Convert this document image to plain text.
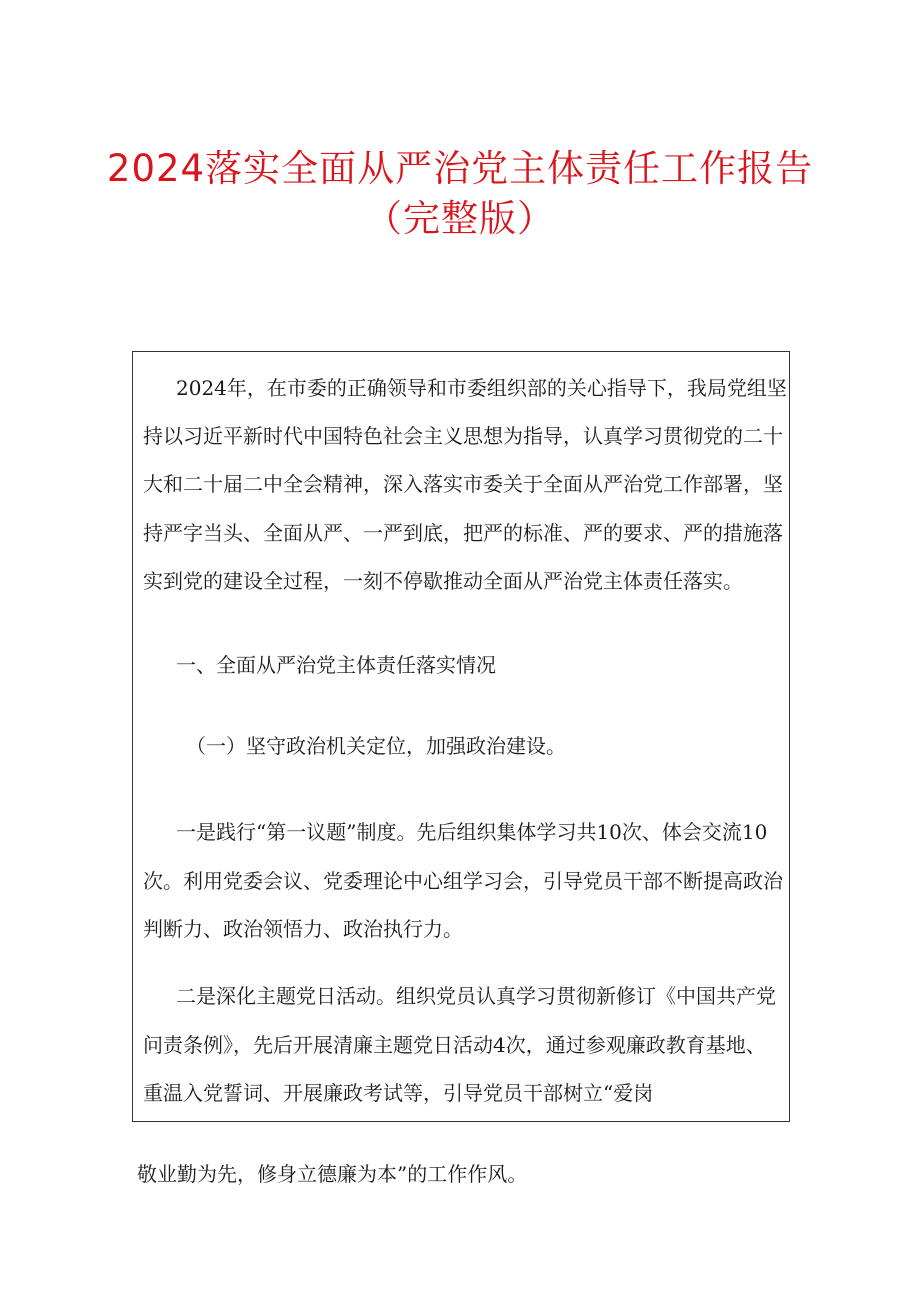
2024落实全面从严治党主体责任工作报告
（完整版）

2024年，在市委的正确领导和市委组织部的关心指导下，我局党组坚

持以习近平新时代中国特色社会主义思想为指导，认真学习贯彻党的二十

大和二十届二中全会精神，深入落实市委关于全面从严治党工作部署，坚

持严字当头、全面从严、一严到底，把严的标准、严的要求、严的措施落

实到党的建设全过程，一刻不停歇推动全面从严治党主体责任落实。

一、全面从严治党主体责任落实情况

（一）坚守政治机关定位，加强政治建设。

一是践行“第一议题”制度。先后组织集体学习共10次、体会交流10

次。利用党委会议、党委理论中心组学习会，引导党员干部不断提高政治

判断力、政治领悟力、政治执行力。

二是深化主题党日活动。组织党员认真学习贯彻新修订《中国共产党

问责条例》，先后开展清廉主题党日活动4次，通过参观廉政教育基地、

重温入党誓词、开展廉政考试等，引导党员干部树立“爱岗

敬业勤为先，修身立德廉为本”的工作作风。
